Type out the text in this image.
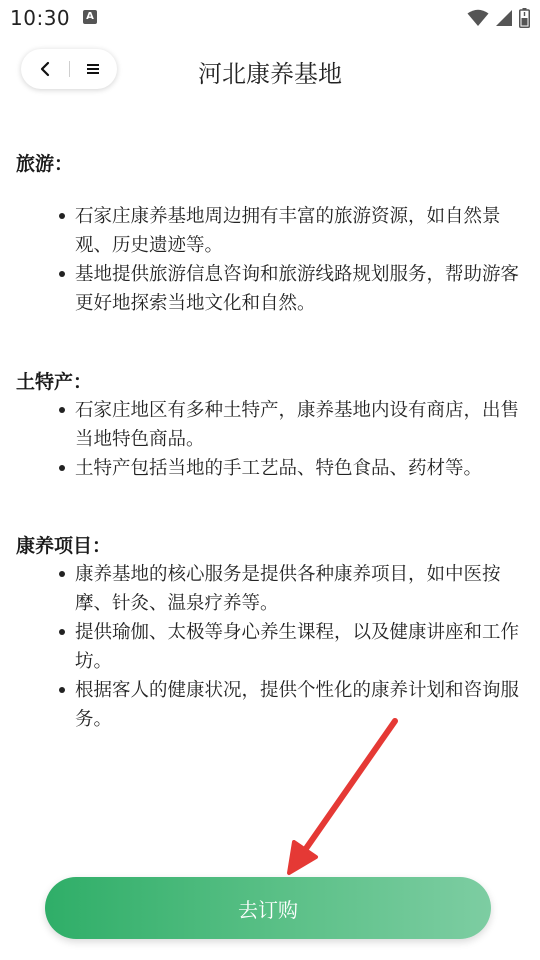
10:30	A
河北康养基地
旅游：
石家庄康养基地周边拥有丰富的旅游资源，如自然景观、历史遗迹等。
基地提供旅游信息咨询和旅游线路规划服务，帮助游客更好地探索当地文化和自然。
土特产：
石家庄地区有多种土特产，康养基地内设有商店，出售当地特色商品。
土特产包括当地的手工艺品、特色食品、药材等。
康养项目：
康养基地的核心服务是提供各种康养项目，如中医按摩、针灸、温泉疗养等。
提供瑜伽、太极等身心养生课程，以及健康讲座和工作坊。
根据客人的健康状况，提供个性化的康养计划和咨询服务。
去订购
